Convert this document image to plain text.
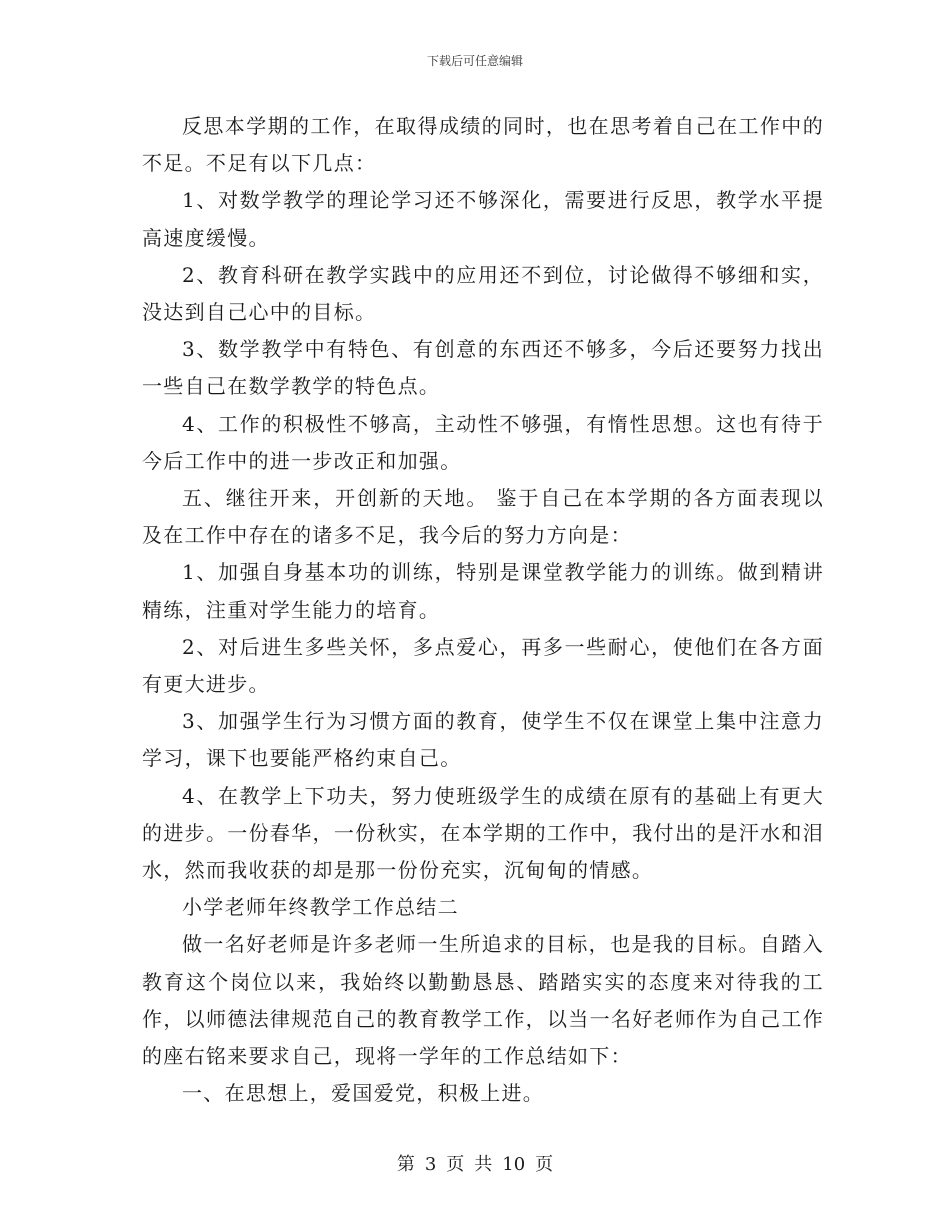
下载后可任意编辑

反思本学期的工作，在取得成绩的同时，也在思考着自己在工作中的不足。不足有以下几点：

1、对数学教学的理论学习还不够深化，需要进行反思，教学水平提高速度缓慢。

2、教育科研在教学实践中的应用还不到位，讨论做得不够细和实，没达到自己心中的目标。

3、数学教学中有特色、有创意的东西还不够多，今后还要努力找出一些自己在数学教学的特色点。

4、工作的积极性不够高，主动性不够强，有惰性思想。这也有待于今后工作中的进一步改正和加强。

五、继往开来，开创新的天地。 鉴于自己在本学期的各方面表现以及在工作中存在的诸多不足，我今后的努力方向是：

1、加强自身基本功的训练，特别是课堂教学能力的训练。做到精讲精练，注重对学生能力的培育。

2、对后进生多些关怀，多点爱心，再多一些耐心，使他们在各方面有更大进步。

3、加强学生行为习惯方面的教育，使学生不仅在课堂上集中注意力学习，课下也要能严格约束自己。

4、在教学上下功夫，努力使班级学生的成绩在原有的基础上有更大的进步。一份春华，一份秋实，在本学期的工作中，我付出的是汗水和泪水，然而我收获的却是那一份份充实，沉甸甸的情感。

小学老师年终教学工作总结二

做一名好老师是许多老师一生所追求的目标，也是我的目标。自踏入教育这个岗位以来，我始终以勤勤恳恳、踏踏实实的态度来对待我的工作，以师德法律规范自己的教育教学工作，以当一名好老师作为自己工作的座右铭来要求自己，现将一学年的工作总结如下：

一、在思想上，爱国爱党，积极上进。

第 3 页 共 10 页
